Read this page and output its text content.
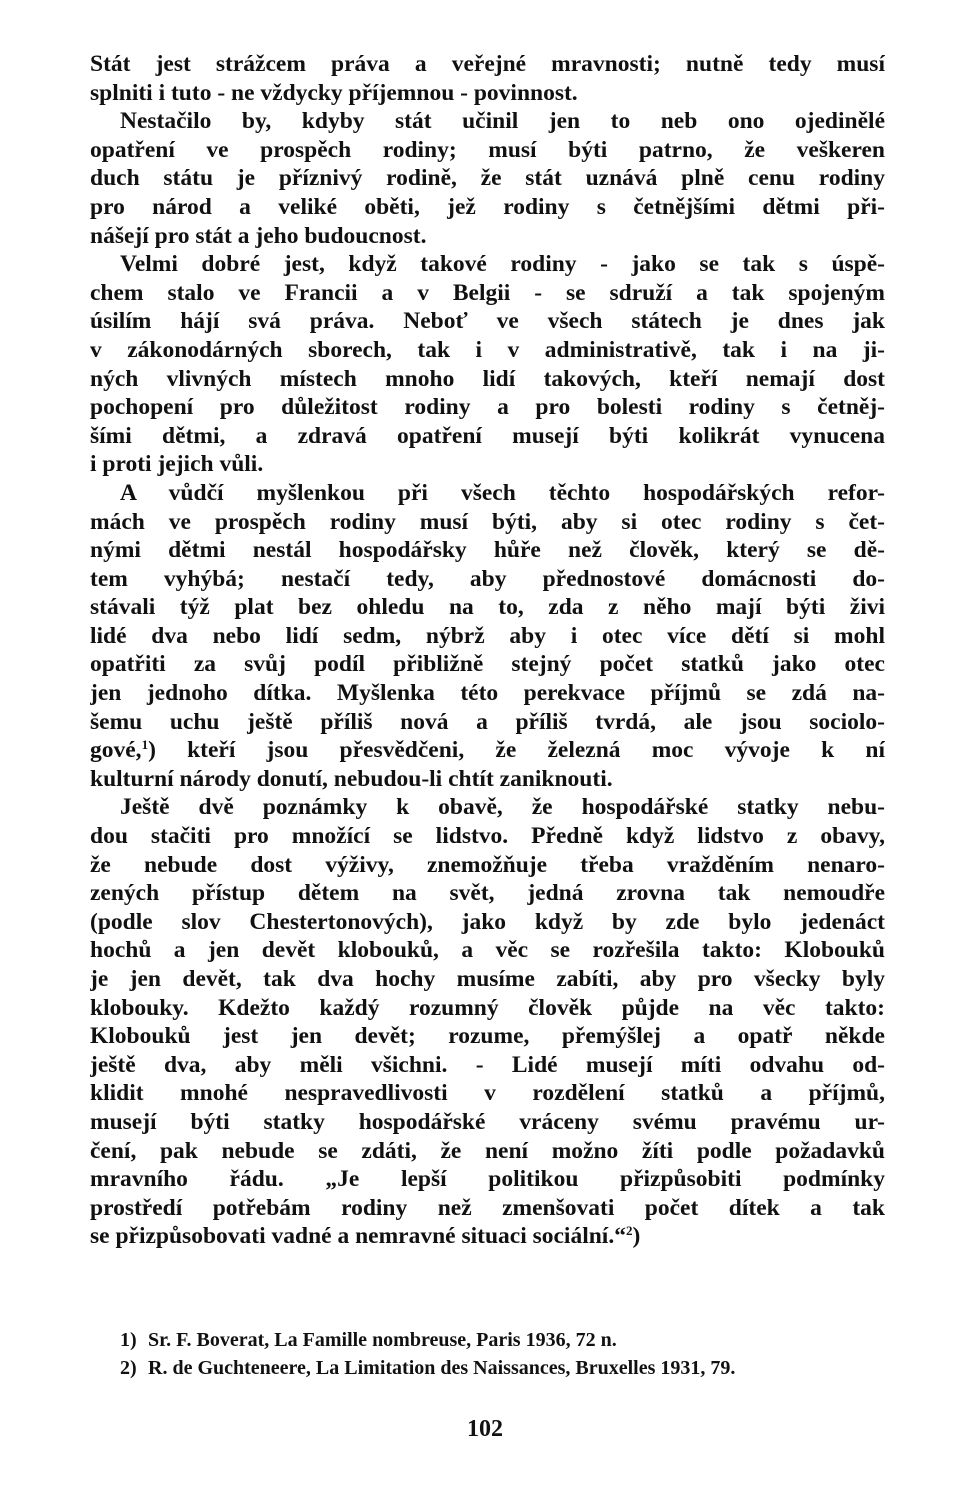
Stát jest strážcem práva a veřejné mravnosti; nutně tedy musí
splniti i tuto - ne vždycky příjemnou - povinnost.
Nestačilo by, kdyby stát učinil jen to neb ono ojedinělé
opatření ve prospěch rodiny; musí býti patrno, že veškeren
duch státu je příznivý rodině, že stát uznává plně cenu rodiny
pro národ a veliké oběti, jež rodiny s četnějšími dětmi při-
nášejí pro stát a jeho budoucnost.
Velmi dobré jest, když takové rodiny - jako se tak s úspě-
chem stalo ve Francii a v Belgii - se sdruží a tak spojeným
úsilím hájí svá práva. Neboť ve všech státech je dnes jak
v zákonodárných sborech, tak i v administrativě, tak i na ji-
ných vlivných místech mnoho lidí takových, kteří nemají dost
pochopení pro důležitost rodiny a pro bolesti rodiny s četněj-
šími dětmi, a zdravá opatření musejí býti kolikrát vynucena
i proti jejich vůli.
A vůdčí myšlenkou při všech těchto hospodářských refor-
mách ve prospěch rodiny musí býti, aby si otec rodiny s čet-
nými dětmi nestál hospodářsky hůře než člověk, který se dě-
tem vyhýbá; nestačí tedy, aby přednostové domácnosti do-
stávali týž plat bez ohledu na to, zda z něho mají býti živi
lidé dva nebo lidí sedm, nýbrž aby i otec více dětí si mohl
opatřiti za svůj podíl přibližně stejný počet statků jako otec
jen jednoho dítka. Myšlenka této perekvace příjmů se zdá na-
šemu uchu ještě příliš nová a příliš tvrdá, ale jsou sociolo-
gové,$^1$) kteří jsou přesvědčeni, že železná moc vývoje k ní
kulturní národy donutí, nebudou-li chtít zaniknouti.
Ještě dvě poznámky k obavě, že hospodářské statky nebu-
dou stačiti pro množící se lidstvo. Předně když lidstvo z obavy,
že nebude dost výživy, znemožňuje třeba vražděním nenaro-
zených přístup dětem na svět, jedná zrovna tak nemoudře
(podle slov Chestertonových), jako když by zde bylo jedenáct
hochů a jen devět klobouků, a věc se rozřešila takto: Klobouků
je jen devět, tak dva hochy musíme zabíti, aby pro všecky byly
klobouky. Kdežto každý rozumný člověk půjde na věc takto:
Klobouků jest jen devět; rozume, přemýšlej a opatř někde
ještě dva, aby měli všichni. - Lidé musejí míti odvahu od-
klidit mnohé nespravedlivosti v rozdělení statků a příjmů,
musejí býti statky hospodářské vráceny svému pravému ur-
čení, pak nebude se zdáti, že není možno žíti podle požadavků
mravního řádu. „Je lepší politikou přizpůsobiti podmínky
prostředí potřebám rodiny než zmenšovati počet dítek a tak
se přizpůsobovati vadné a nemravné situaci sociální.“$^2$)
1) Sr. F. Boverat, La Famille nombreuse, Paris 1936, 72 n.
2) R. de Guchteneere, La Limitation des Naissances, Bruxelles 1931, 79.
102
